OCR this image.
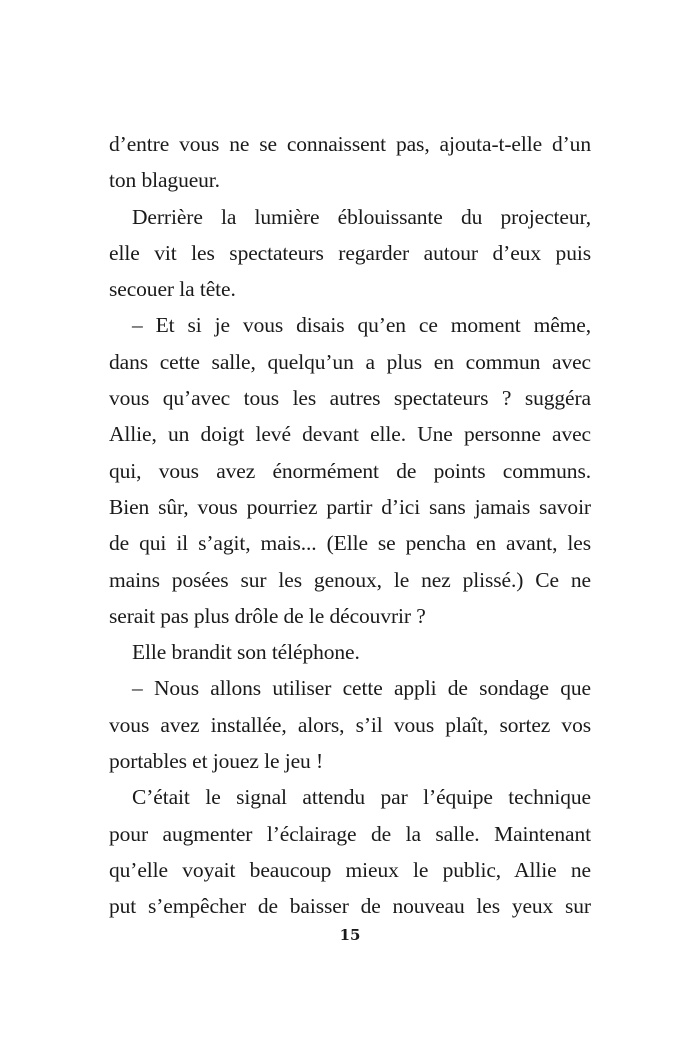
d’entre vous ne se connaissent pas, ajouta-t-elle d’un
ton blagueur.
Derrière la lumière éblouissante du projecteur,
elle vit les spectateurs regarder autour d’eux puis
secouer la tête.
– Et si je vous disais qu’en ce moment même,
dans cette salle, quelqu’un a plus en commun avec
vous qu’avec tous les autres spectateurs ? suggéra
Allie, un doigt levé devant elle. Une personne avec
qui, vous avez énormément de points communs.
Bien sûr, vous pourriez partir d’ici sans jamais savoir
de qui il s’agit, mais... (Elle se pencha en avant, les
mains posées sur les genoux, le nez plissé.) Ce ne
serait pas plus drôle de le découvrir ?
Elle brandit son téléphone.
– Nous allons utiliser cette appli de sondage que
vous avez installée, alors, s’il vous plaît, sortez vos
portables et jouez le jeu !
C’était le signal attendu par l’équipe technique
pour augmenter l’éclairage de la salle. Maintenant
qu’elle voyait beaucoup mieux le public, Allie ne
put s’empêcher de baisser de nouveau les yeux sur
15
